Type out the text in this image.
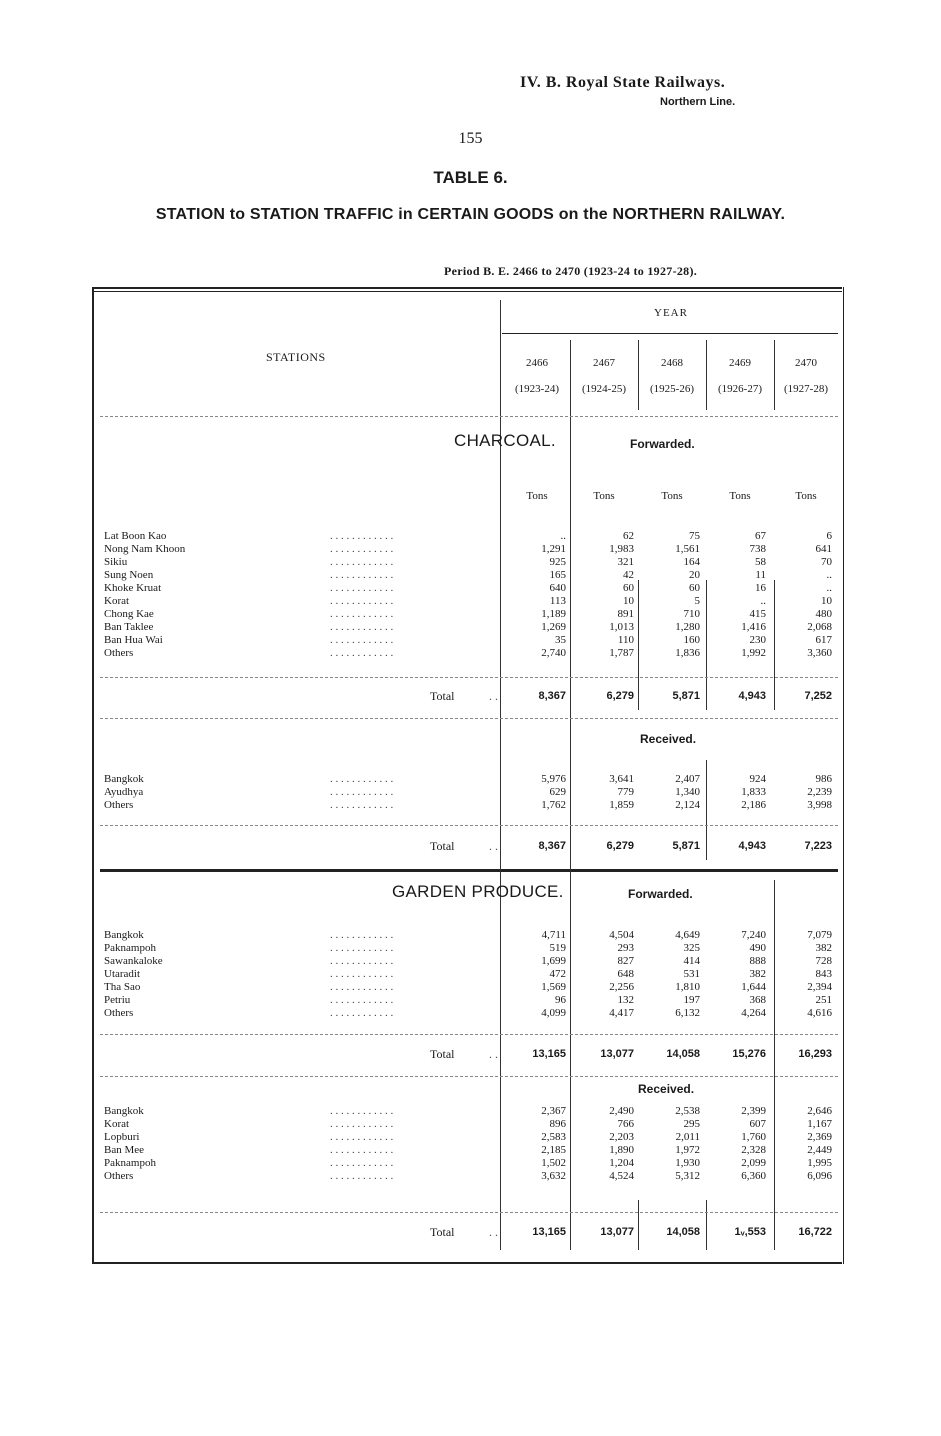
IV. B. Royal State Railways.
Northern Line.
155
TABLE 6.
STATION to STATION TRAFFIC in CERTAIN GOODS on the NORTHERN RAILWAY.
Period B. E. 2466 to 2470 (1923-24 to 1927-28).
STATIONS
YEAR
2466
(1923-24)
2467
(1924-25)
2468
(1925-26)
2469
(1926-27)
2470
(1927-28)
CHARCOAL.	Forwarded.
Tons	Tons	Tons	Tons	Tons
Lat Boon Kao	. . . . . . . . . . . .	..	62	75	67	6
Nong Nam Khoon	. . . . . . . . . . . .	1,291	1,983	1,561	738	641
Sikiu	. . . . . . . . . . . .	925	321	164	58	70
Sung Noen	. . . . . . . . . . . .	165	42	20	11	..
Khoke Kruat	. . . . . . . . . . . .	640	60	60	16	..
Korat	. . . . . . . . . . . .	113	10	5	..	10
Chong Kae	. . . . . . . . . . . .	1,189	891	710	415	480
Ban Taklee	. . . . . . . . . . . .	1,269	1,013	1,280	1,416	2,068
Ban Hua Wai	. . . . . . . . . . . .	35	110	160	230	617
Others	. . . . . . . . . . . .	2,740	1,787	1,836	1,992	3,360
Total	. .	8,367	6,279	5,871	4,943	7,252
Received.
Bangkok	. . . . . . . . . . . .	5,976	3,641	2,407	924	986
Ayudhya	. . . . . . . . . . . .	629	779	1,340	1,833	2,239
Others	. . . . . . . . . . . .	1,762	1,859	2,124	2,186	3,998
Total	. .	8,367	6,279	5,871	4,943	7,223
GARDEN PRODUCE.	Forwarded.
Bangkok	. . . . . . . . . . . .	4,711	4,504	4,649	7,240	7,079
Paknampoh	. . . . . . . . . . . .	519	293	325	490	382
Sawankaloke	. . . . . . . . . . . .	1,699	827	414	888	728
Utaradit	. . . . . . . . . . . .	472	648	531	382	843
Tha Sao	. . . . . . . . . . . .	1,569	2,256	1,810	1,644	2,394
Petriu	. . . . . . . . . . . .	96	132	197	368	251
Others	. . . . . . . . . . . .	4,099	4,417	6,132	4,264	4,616
Total	. .	13,165	13,077	14,058	15,276	16,293
Received.
Bangkok	. . . . . . . . . . . .	2,367	2,490	2,538	2,399	2,646
Korat	. . . . . . . . . . . .	896	766	295	607	1,167
Lopburi	. . . . . . . . . . . .	2,583	2,203	2,011	1,760	2,369
Ban Mee	. . . . . . . . . . . .	2,185	1,890	1,972	2,328	2,449
Paknampoh	. . . . . . . . . . . .	1,502	1,204	1,930	2,099	1,995
Others	. . . . . . . . . . . .	3,632	4,524	5,312	6,360	6,096
Total	. .	13,165	13,077	14,058	1ᵥ,553	16,722
